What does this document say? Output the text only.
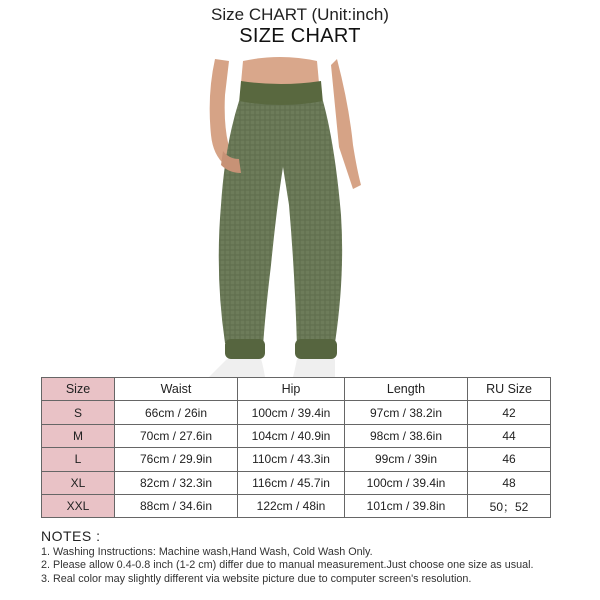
Size CHART (Unit:inch)
SIZE CHART
Size	Waist	Hip	Length	RU Size
S	66cm / 26in	100cm / 39.4in	97cm / 38.2in	42
M	70cm / 27.6in	104cm / 40.9in	98cm / 38.6in	44
L	76cm / 29.9in	110cm / 43.3in	99cm / 39in	46
XL	82cm / 32.3in	116cm / 45.7in	100cm / 39.4in	48
XXL	88cm / 34.6in	122cm / 48in	101cm / 39.8in	50；52
NOTES :
1. Washing Instructions: Machine wash,Hand Wash, Cold Wash Only.
2. Please allow 0.4-0.8 inch (1-2 cm) differ due to manual measurement.Just choose one size as usual.
3. Real color may slightly different via website picture due to computer screen's resolution.
